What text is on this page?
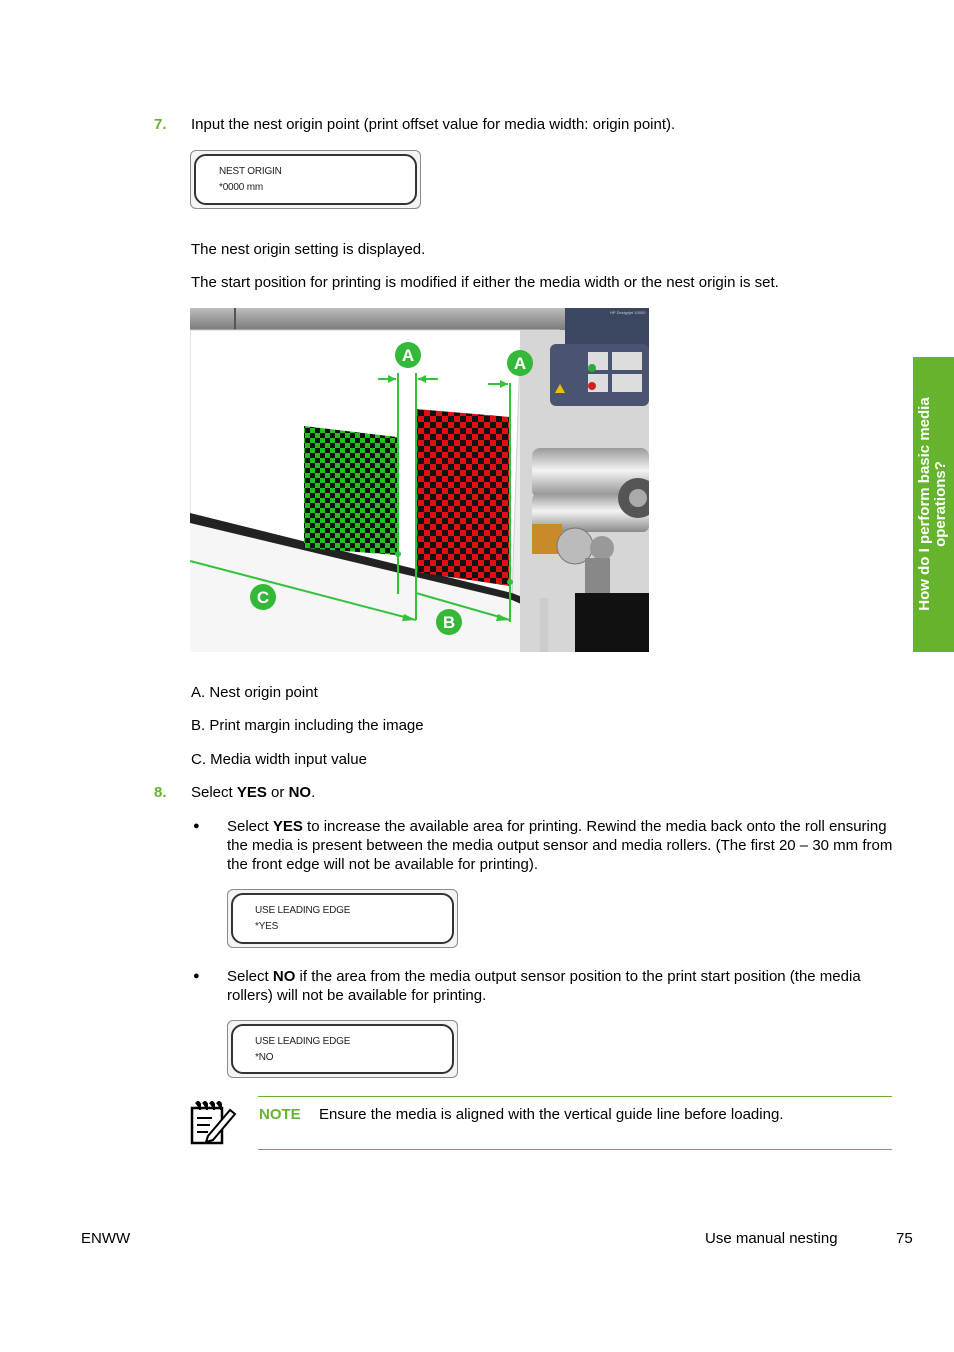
7. Input the nest origin point (print offset value for media width: origin point).
NEST ORIGIN
*0000 mm
The nest origin setting is displayed.
The start position for printing is modified if either the media width or the nest origin is set.
HP Designjet 10000
A	A
B
C
A. Nest origin point
B. Print margin including the image
C. Media width input value
8. Select YES or NO.
● Select YES to increase the available area for printing. Rewind the media back onto the roll ensuring the media is present between the media output sensor and media rollers. (The first 20 – 30 mm from the front edge will not be available for printing).
USE LEADING EDGE
*YES
● Select NO if the area from the media output sensor position to the print start position (the media rollers) will not be available for printing.
USE LEADING EDGE
*NO
NOTE Ensure the media is aligned with the vertical guide line before loading.
How do I perform basic media operations?
ENWW	Use manual nesting	75
